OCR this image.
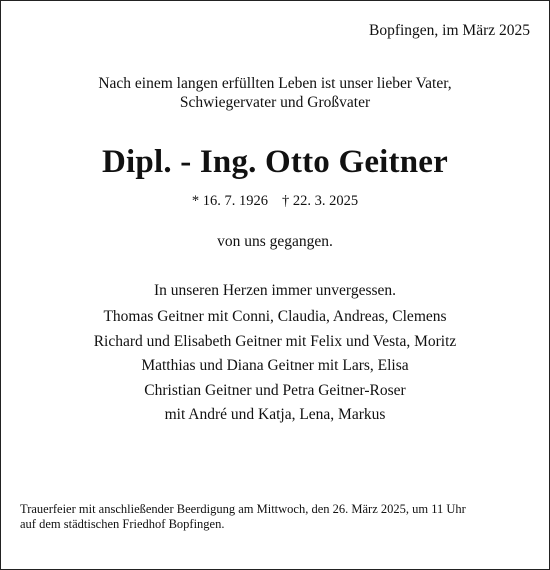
Bopfingen, im März 2025
Nach einem langen erfüllten Leben ist unser lieber Vater,
Schwiegervater und Großvater
Dipl. - Ing. Otto Geitner
* 16. 7. 1926 † 22. 3. 2025
von uns gegangen.
In unseren Herzen immer unvergessen.
Thomas Geitner mit Conni, Claudia, Andreas, Clemens
Richard und Elisabeth Geitner mit Felix und Vesta, Moritz
Matthias und Diana Geitner mit Lars, Elisa
Christian Geitner und Petra Geitner-Roser
mit André und Katja, Lena, Markus
Trauerfeier mit anschließender Beerdigung am Mittwoch, den 26. März 2025, um 11 Uhr
auf dem städtischen Friedhof Bopfingen.
